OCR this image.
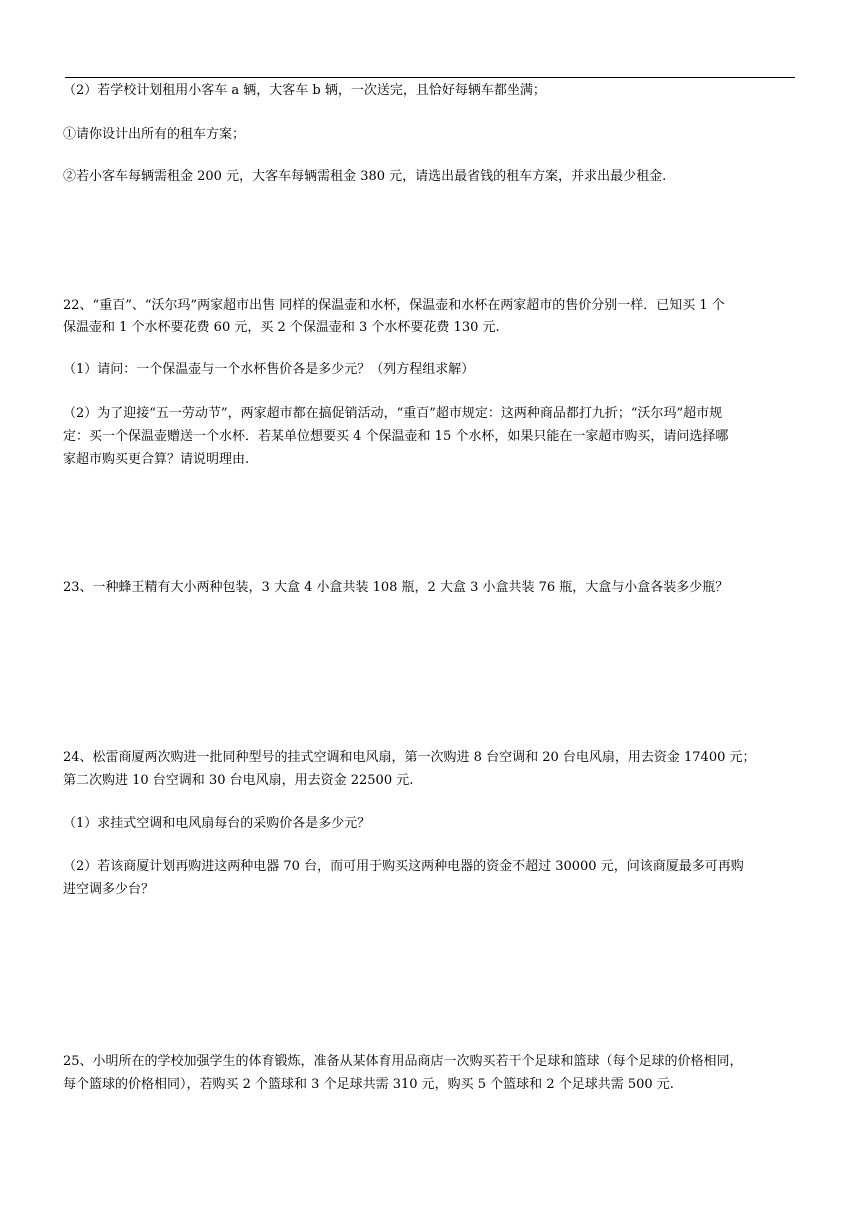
（2）若学校计划租用小客车 a 辆，大客车 b 辆，一次送完，且恰好每辆车都坐满；
①请你设计出所有的租车方案；
②若小客车每辆需租金 200 元，大客车每辆需租金 380 元，请选出最省钱的租车方案，并求出最少租金.
22、“重百”、“沃尔玛”两家超市出售 同样的保温壶和水杯，保温壶和水杯在两家超市的售价分别一样．已知买 1 个
保温壶和 1 个水杯要花费 60 元，买 2 个保温壶和 3 个水杯要花费 130 元.
（1）请问：一个保温壶与一个水杯售价各是多少元？（列方程组求解）
（2）为了迎接“五一劳动节”，两家超市都在搞促销活动，“重百”超市规定：这两种商品都打九折；“沃尔玛”超市规
定：买一个保温壶赠送一个水杯．若某单位想要买 4 个保温壶和 15 个水杯，如果只能在一家超市购买，请问选择哪
家超市购买更合算？请说明理由.
23、一种蜂王精有大小两种包装，3 大盒 4 小盒共装 108 瓶，2 大盒 3 小盒共装 76 瓶，大盒与小盒各装多少瓶？
24、松雷商厦两次购进一批同种型号的挂式空调和电风扇，第一次购进 8 台空调和 20 台电风扇，用去资金 17400 元；
第二次购进 10 台空调和 30 台电风扇，用去资金 22500 元.
（1）求挂式空调和电风扇每台的采购价各是多少元？
（2）若该商厦计划再购进这两种电器 70 台，而可用于购买这两种电器的资金不超过 30000 元，问该商厦最多可再购
进空调多少台？
25、小明所在的学校加强学生的体育锻炼，准备从某体育用品商店一次购买若干个足球和篮球（每个足球的价格相同，
每个篮球的价格相同），若购买 2 个篮球和 3 个足球共需 310 元，购买 5 个篮球和 2 个足球共需 500 元.
